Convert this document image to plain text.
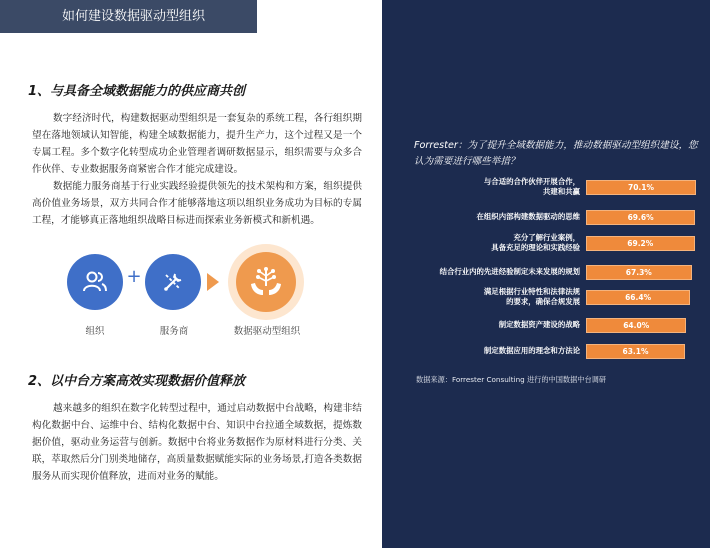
如何建设数据驱动型组织
1、与具备全域数据能力的供应商共创

数字经济时代，构建数据驱动型组织是一套复杂的系统工程，各行组织期望在落地领域认知智能，构建全域数据能力，提升生产力，这个过程又是一个专属工程。多个数字化转型成功企业管理者调研数据显示，组织需要与众多合作伙伴、专业数据服务商紧密合作才能完成建设。

数据能力服务商基于行业实践经验提供领先的技术架构和方案，组织提供高价值业务场景，双方共同合作才能够落地这项以组织业务成功为目标的专属工程，才能够真正落地组织战略目标进而探索业务新模式和新机遇。

+
组织	服务商	数据驱动型组织
2、以中台方案高效实现数据价值释放

越来越多的组织在数字化转型过程中，通过启动数据中台战略，构建非结构化数据中台、运维中台、结构化数据中台、知识中台拉通全域数据，提炼数据价值，驱动业务运营与创新。数据中台将业务数据作为原材料进行分类、关联，萃取然后分门别类地储存，高质量数据赋能实际的业务场景,打造各类数据服务从而实现价值释放，进而对业务的赋能。

Forrester：为了提升全域数据能力，推动数据驱动型组织建设，您认为需要进行哪些举措？
与合适的合作伙伴开展合作，
共建和共赢	70.1%
在组织内部构建数据驱动的思维	69.6%
充分了解行业案例，
具备充足的理论和实践经验	69.2%
结合行业内的先进经验制定未来发展的规划	67.3%
满足根据行业特性和法律法规
的要求，确保合规发展	66.4%
制定数据资产建设的战略	64.0%
制定数据应用的理念和方法论	63.1%
数据来源：Forrester Consulting 进行的中国数据中台调研
